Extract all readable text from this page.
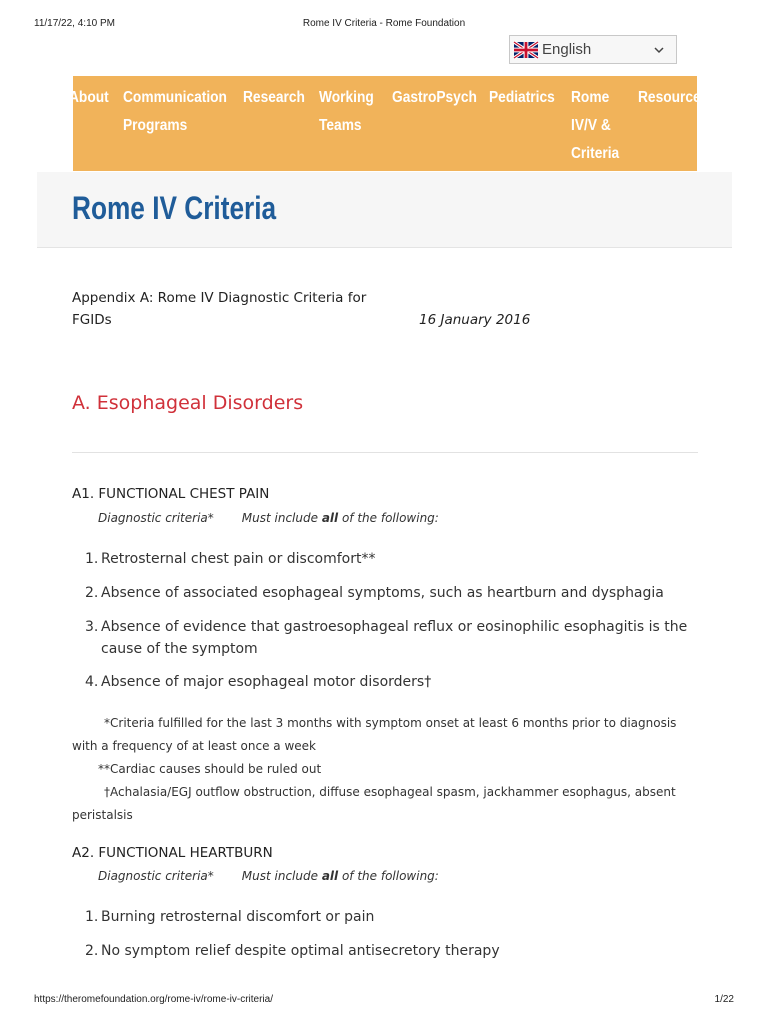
11/17/22, 4:10 PM	Rome IV Criteria - Rome Foundation
English
About Communication
Programs
Research Working
Teams
GastroPsych Pediatrics Rome
IV/V &
Criteria
Resources
Rome IV Criteria
Appendix A: Rome IV Diagnostic Criteria for FGIDs	16 January 2016
A. Esophageal Disorders
A1. FUNCTIONAL CHEST PAIN
Diagnostic criteria* Must include all of the following:
1. Retrosternal chest pain or discomfort**
2. Absence of associated esophageal symptoms, such as heartburn and dysphagia
3. Absence of evidence that gastroesophageal reflux or eosinophilic esophagitis is the cause of the symptom
4. Absence of major esophageal motor disorders†
*Criteria fulfilled for the last 3 months with symptom onset at least 6 months prior to diagnosis with a frequency of at least once a week
**Cardiac causes should be ruled out
†Achalasia/EGJ outflow obstruction, diffuse esophageal spasm, jackhammer esophagus, absent peristalsis
A2. FUNCTIONAL HEARTBURN
Diagnostic criteria* Must include all of the following:
1. Burning retrosternal discomfort or pain
2. No symptom relief despite optimal antisecretory therapy
https://theromefoundation.org/rome-iv/rome-iv-criteria/	1/22
